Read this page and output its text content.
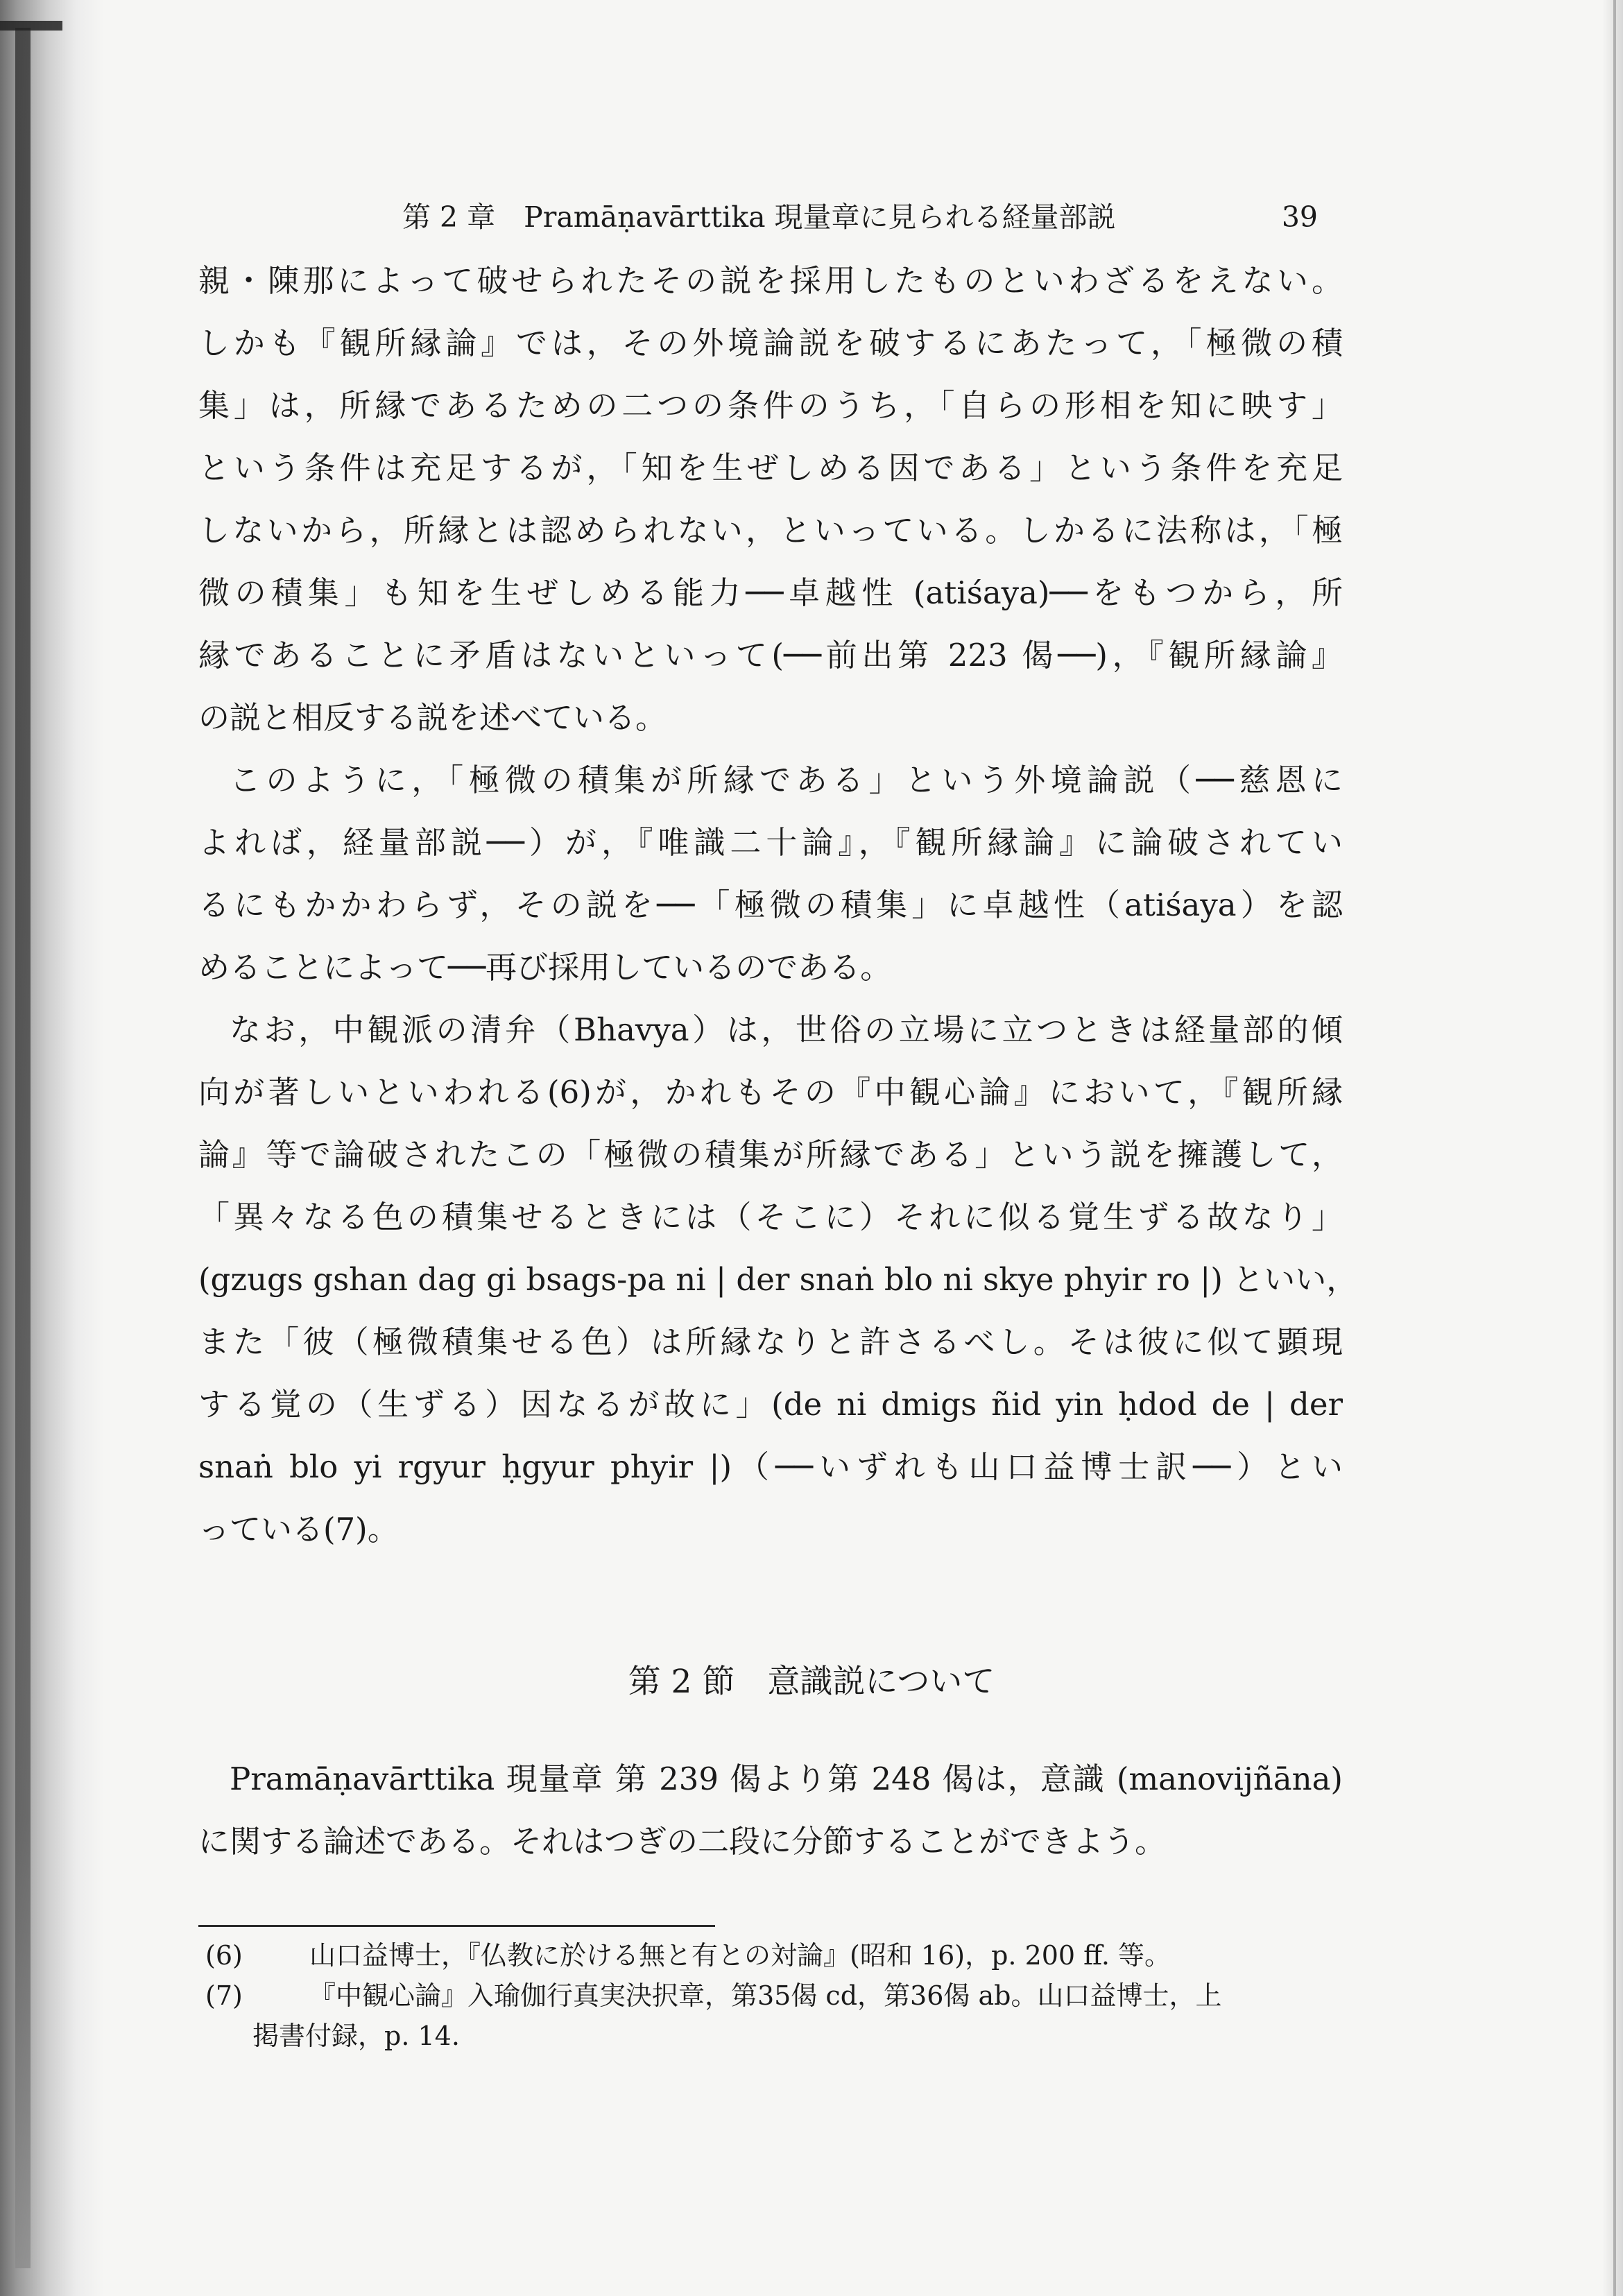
第 2 章　Pramāṇavārttika 現量章に見られる経量部説	39
親・陳那によって破せられたその説を採用したものといわざるをえない。
しかも『観所縁論』では，その外境論説を破するにあたって，「極微の積
集」は，所縁であるための二つの条件のうち，「自らの形相を知に映す」
という条件は充足するが，「知を生ぜしめる因である」という条件を充足
しないから，所縁とは認められない，といっている。しかるに法称は，「極
微の積集」も知を生ぜしめる能力──卓越性 (atiśaya)──をもつから，所
縁であることに矛盾はないといって(──前出第 223 偈──)，『観所縁論』
の説と相反する説を述べている。
このように，「極微の積集が所縁である」という外境論説（──慈恩に
よれば，経量部説──）が，『唯識二十論』，『観所縁論』に論破されてい
るにもかかわらず，その説を──「極微の積集」に卓越性（atiśaya）を認
めることによって──再び採用しているのである。
なお，中観派の清弁（Bhavya）は，世俗の立場に立つときは経量部的傾
向が著しいといわれる(6)が，かれもその『中観心論』において，『観所縁
論』等で論破されたこの「極微の積集が所縁である」という説を擁護して，
「異々なる色の積集せるときには（そこに）それに似る覚生ずる故なり」
(gzugs gshan dag gi bsags-pa ni | der snaṅ blo ni skye phyir ro |) といい，
また「彼（極微積集せる色）は所縁なりと許さるべし。そは彼に似て顕現
する覚の（生ずる）因なるが故に」(de ni dmigs ñid yin ḥdod de | der
snaṅ blo yi rgyur ḥgyur phyir |)（──いずれも山口益博士訳──）とい
っている(7)。
第 2 節　意識説について
Pramāṇavārttika 現量章 第 239 偈より第 248 偈は，意識 (manovijñāna)
に関する論述である。それはつぎの二段に分節することができよう。
(6)	山口益博士，『仏教に於ける無と有との対論』(昭和 16)，p. 200 ff. 等。
(7)	『中観心論』入瑜伽行真実決択章，第35偈 cd，第36偈 ab。山口益博士，上
掲書付録，p. 14.
